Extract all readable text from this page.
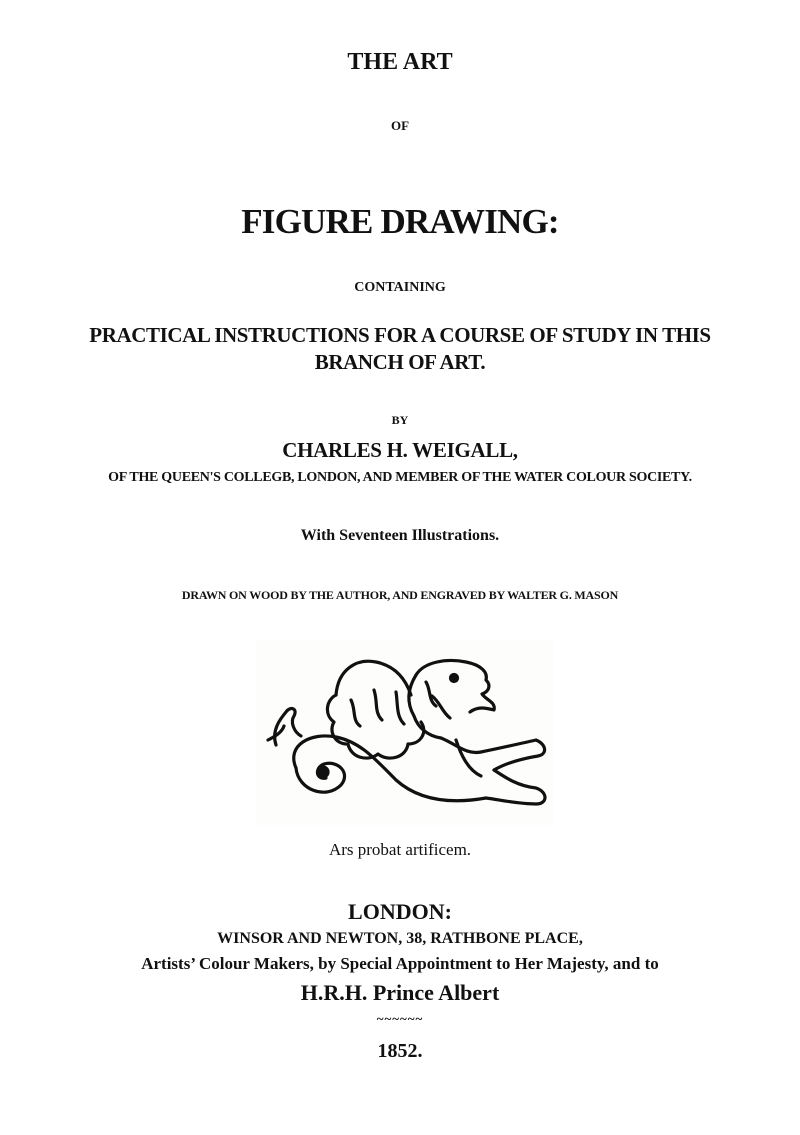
THE ART
OF
FIGURE DRAWING:
CONTAINING
PRACTICAL INSTRUCTIONS FOR A COURSE OF STUDY IN THIS
BRANCH OF ART.
BY
CHARLES H. WEIGALL,
OF THE QUEEN'S COLLEGB, LONDON, AND MEMBER OF THE WATER COLOUR SOCIETY.
With Seventeen Illustrations.
DRAWN ON WOOD BY THE AUTHOR, AND ENGRAVED BY WALTER G. MASON
Ars probat artificem.
LONDON:
WINSOR AND NEWTON, 38, RATHBONE PLACE,
Artists’ Colour Makers, by Special Appointment to Her Majesty, and to
H.R.H. Prince Albert
~~~~~~
1852.
